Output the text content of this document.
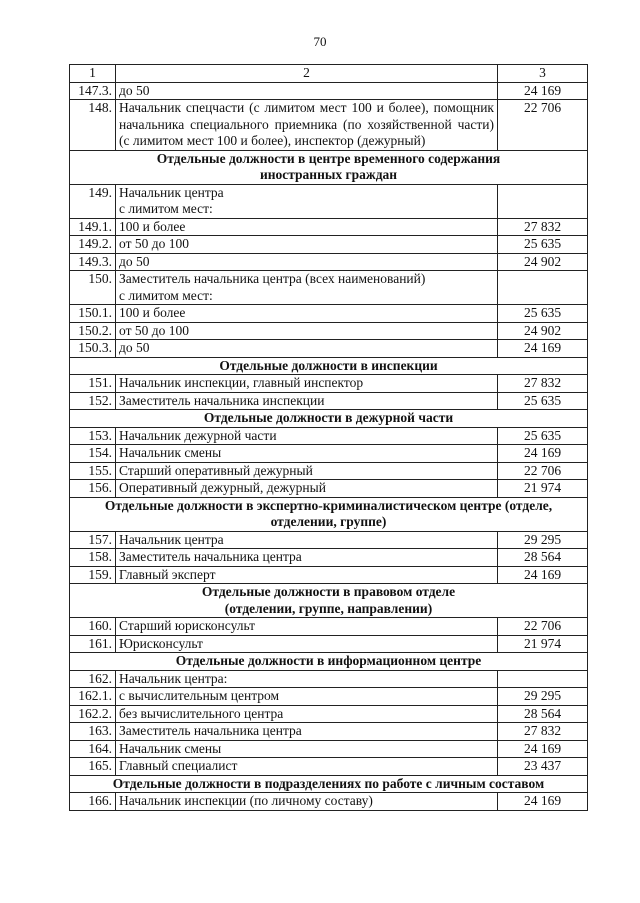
70
1	2	3
147.3.	до 50	24 169
148.	Начальник спецчасти (с лимитом мест 100 и более), помощник начальника специального приемника (по хозяйственной части) (с лимитом мест 100 и более), инспектор (дежурный)	22 706

Отдельные должности в центре временного содержания
иностранных граждан		

149.	Начальник центра
с лимитом мест:	

149.1.	100 и более	27 832
149.2.	от 50 до 100	25 635
149.3.	до 50	24 902
150.	Заместитель начальника центра (всех наименований)
с лимитом мест:	

150.1.	100 и более	25 635
150.2.	от 50 до 100	24 902
150.3.	до 50	24 169

Отдельные должности в инспекции		

151.	Начальник инспекции, главный инспектор	27 832
152.	Заместитель начальника инспекции	25 635

Отдельные должности в дежурной части		

153.	Начальник дежурной части	25 635
154.	Начальник смены	24 169
155.	Старший оперативный дежурный	22 706
156.	Оперативный дежурный, дежурный	21 974

Отдельные должности в экспертно-криминалистическом центре (отделе,
отделении, группе)		

157.	Начальник центра	29 295
158.	Заместитель начальника центра	28 564
159.	Главный эксперт	24 169

Отдельные должности в правовом отделе
(отделении, группе, направлении)		

160.	Старший юрисконсульт	22 706
161.	Юрисконсульт	21 974

Отдельные должности в информационном центре		

162.	Начальник центра:	

162.1.	с вычислительным центром	29 295
162.2.	без вычислительного центра	28 564
163.	Заместитель начальника центра	27 832
164.	Начальник смены	24 169
165.	Главный специалист	23 437

Отдельные должности в подразделениях по работе с личным составом		

166.	Начальник инспекции (по личному составу)	24 169
